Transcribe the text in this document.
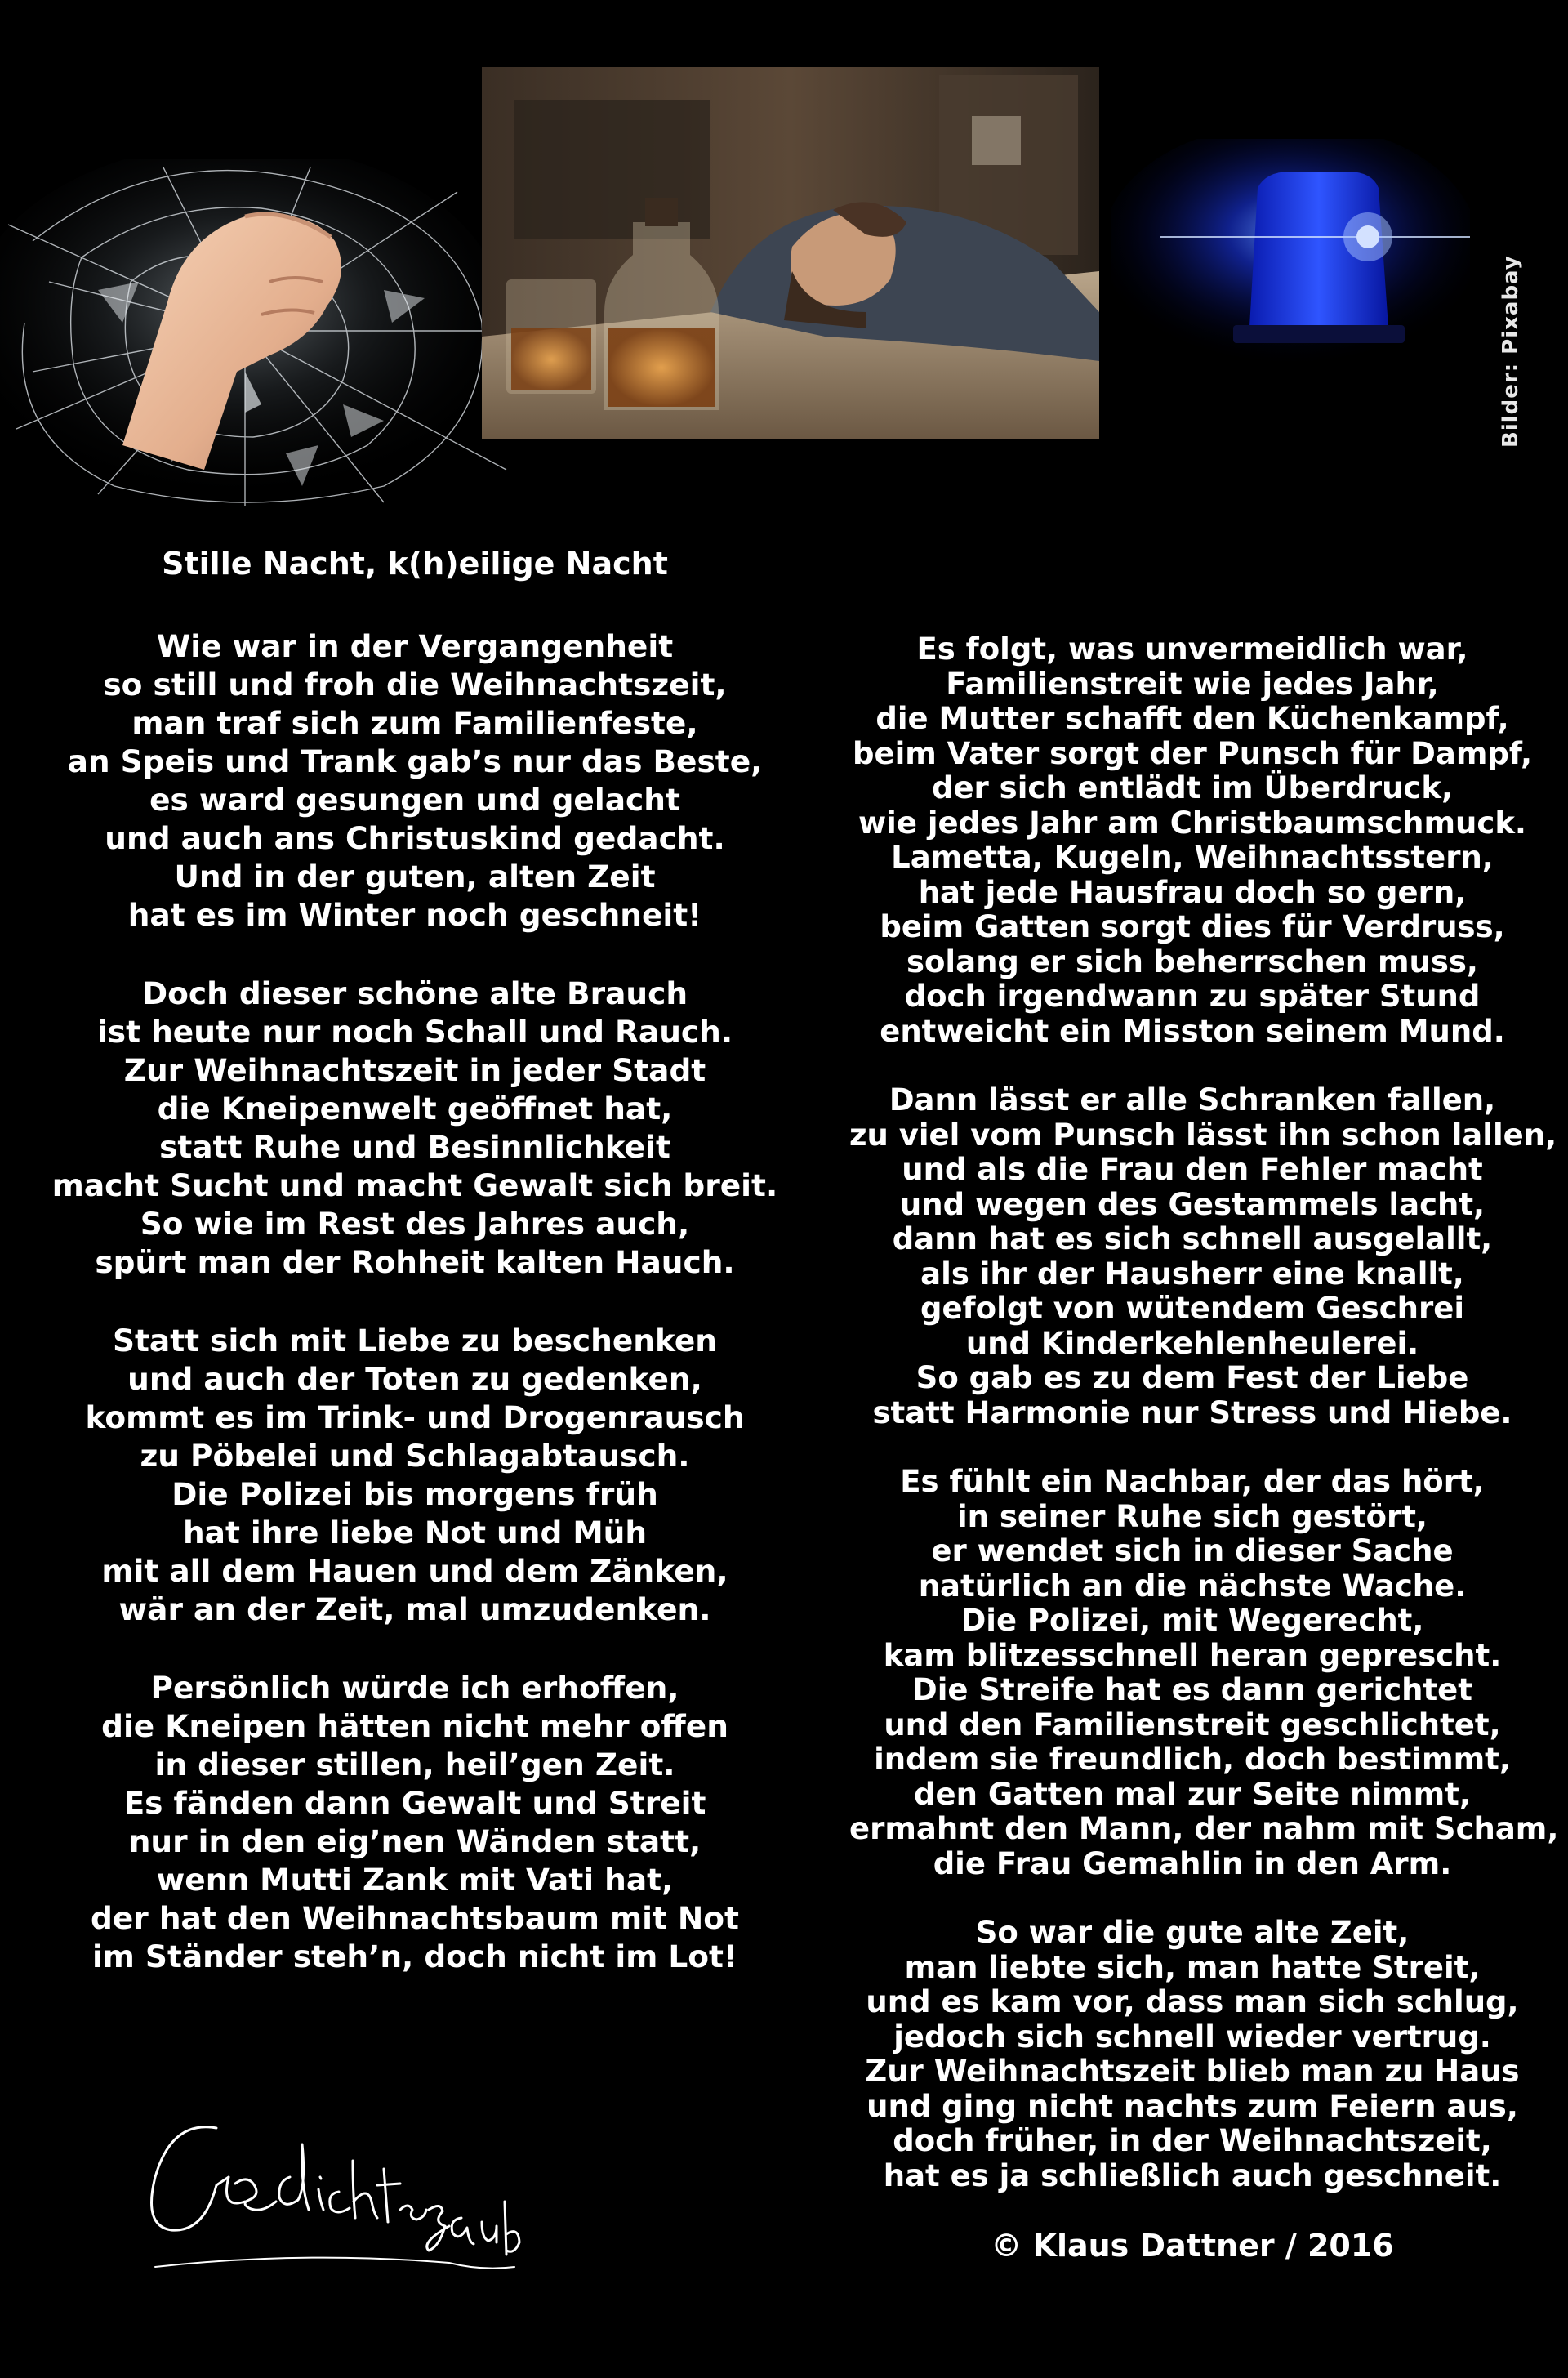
Bilder: Pixabay
Stille Nacht, k(h)eilige Nacht
Wie war in der Vergangenheit
so still und froh die Weihnachtszeit,
man traf sich zum Familienfeste,
an Speis und Trank gab’s nur das Beste,
es ward gesungen und gelacht
und auch ans Christuskind gedacht.
Und in der guten, alten Zeit
hat es im Winter noch geschneit!
Doch dieser schöne alte Brauch
ist heute nur noch Schall und Rauch.
Zur Weihnachtszeit in jeder Stadt
die Kneipenwelt geöffnet hat,
statt Ruhe und Besinnlichkeit
macht Sucht und macht Gewalt sich breit.
So wie im Rest des Jahres auch,
spürt man der Rohheit kalten Hauch.
Statt sich mit Liebe zu beschenken
und auch der Toten zu gedenken,
kommt es im Trink- und Drogenrausch
zu Pöbelei und Schlagabtausch.
Die Polizei bis morgens früh
hat ihre liebe Not und Müh
mit all dem Hauen und dem Zänken,
wär an der Zeit, mal umzudenken.
Persönlich würde ich erhoffen,
die Kneipen hätten nicht mehr offen
in dieser stillen, heil’gen Zeit.
Es fänden dann Gewalt und Streit
nur in den eig’nen Wänden statt,
wenn Mutti Zank mit Vati hat,
der hat den Weihnachtsbaum mit Not
im Ständer steh’n, doch nicht im Lot!
Es folgt, was unvermeidlich war,
Familienstreit wie jedes Jahr,
die Mutter schafft den Küchenkampf,
beim Vater sorgt der Punsch für Dampf,
der sich entlädt im Überdruck,
wie jedes Jahr am Christbaumschmuck.
Lametta, Kugeln, Weihnachtsstern,
hat jede Hausfrau doch so gern,
beim Gatten sorgt dies für Verdruss,
solang er sich beherrschen muss,
doch irgendwann zu später Stund
entweicht ein Misston seinem Mund.
Dann lässt er alle Schranken fallen,
zu viel vom Punsch lässt ihn schon lallen,
und als die Frau den Fehler macht
und wegen des Gestammels lacht,
dann hat es sich schnell ausgelallt,
als ihr der Hausherr eine knallt,
gefolgt von wütendem Geschrei
und Kinderkehlenheulerei.
So gab es zu dem Fest der Liebe
statt Harmonie nur Stress und Hiebe.
Es fühlt ein Nachbar, der das hört,
in seiner Ruhe sich gestört,
er wendet sich in dieser Sache
natürlich an die nächste Wache.
Die Polizei, mit Wegerecht,
kam blitzesschnell heran geprescht.
Die Streife hat es dann gerichtet
und den Familienstreit geschlichtet,
indem sie freundlich, doch bestimmt,
den Gatten mal zur Seite nimmt,
ermahnt den Mann, der nahm mit Scham,
die Frau Gemahlin in den Arm.
So war die gute alte Zeit,
man liebte sich, man hatte Streit,
und es kam vor, dass man sich schlug,
jedoch sich schnell wieder vertrug.
Zur Weihnachtszeit blieb man zu Haus
und ging nicht nachts zum Feiern aus,
doch früher, in der Weihnachtszeit,
hat es ja schließlich auch geschneit.
© Klaus Dattner / 2016
